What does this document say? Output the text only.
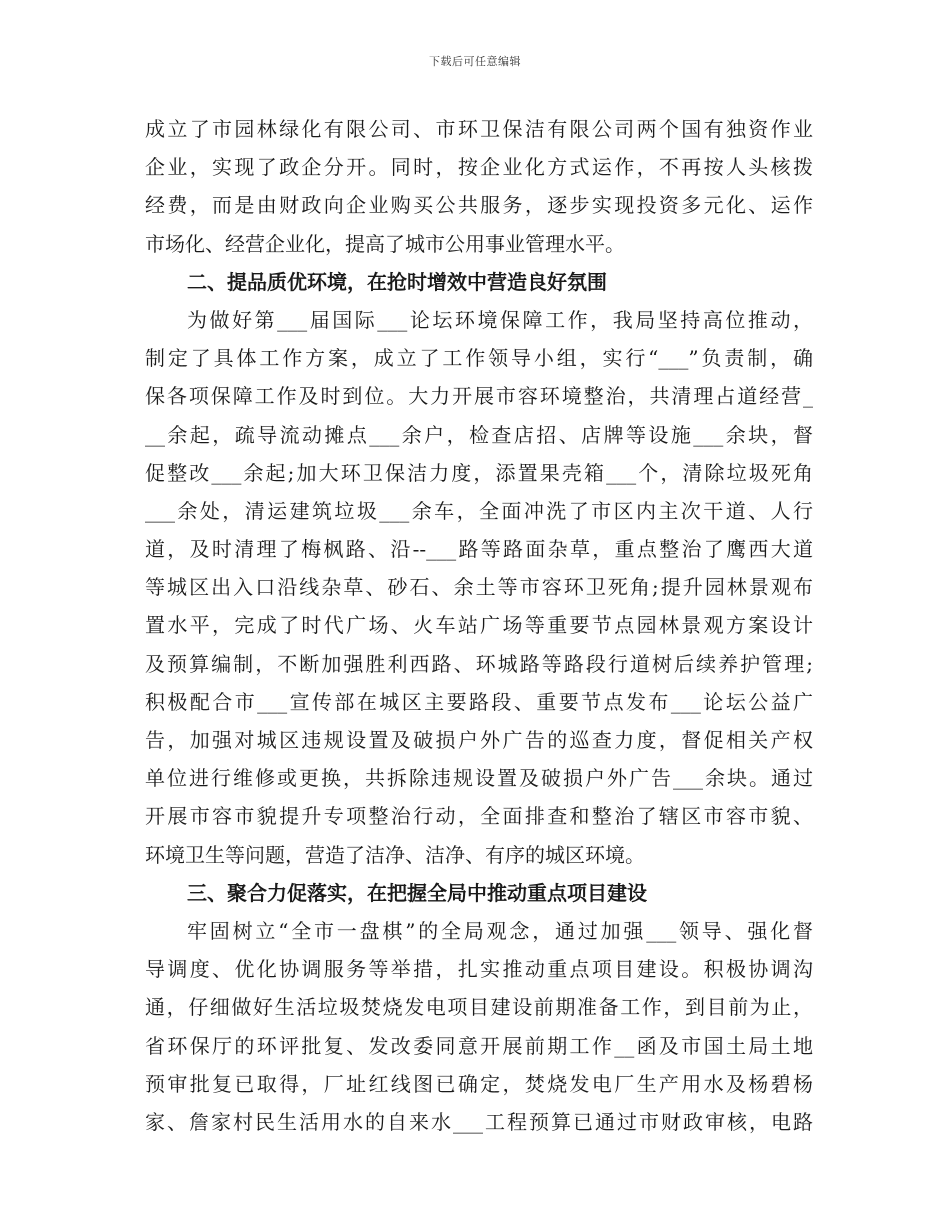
下载后可任意编辑
成立了市园林绿化有限公司、市环卫保洁有限公司两个国有独资作业
企业，实现了政企分开。同时，按企业化方式运作，不再按人头核拨
经费，而是由财政向企业购买公共服务，逐步实现投资多元化、运作
市场化、经营企业化，提高了城市公用事业管理水平。
二、提品质优环境，在抢时增效中营造良好氛围
为做好第___届国际___论坛环境保障工作，我局坚持高位推动，
制定了具体工作方案，成立了工作领导小组，实行“___”负责制，确
保各项保障工作及时到位。大力开展市容环境整治，共清理占道经营_
__余起，疏导流动摊点___余户，检查店招、店牌等设施___余块，督
促整改___余起;加大环卫保洁力度，添置果壳箱___个，清除垃圾死角
___余处，清运建筑垃圾___余车，全面冲洗了市区内主次干道、人行
道，及时清理了梅枫路、沿--___路等路面杂草，重点整治了鹰西大道
等城区出入口沿线杂草、砂石、余土等市容环卫死角;提升园林景观布
置水平，完成了时代广场、火车站广场等重要节点园林景观方案设计
及预算编制，不断加强胜利西路、环城路等路段行道树后续养护管理;
积极配合市___宣传部在城区主要路段、重要节点发布___论坛公益广
告，加强对城区违规设置及破损户外广告的巡查力度，督促相关产权
单位进行维修或更换，共拆除违规设置及破损户外广告___余块。通过
开展市容市貌提升专项整治行动，全面排查和整治了辖区市容市貌、
环境卫生等问题，营造了洁净、洁净、有序的城区环境。
三、聚合力促落实，在把握全局中推动重点项目建设
牢固树立“全市一盘棋”的全局观念，通过加强___领导、强化督
导调度、优化协调服务等举措，扎实推动重点项目建设。积极协调沟
通，仔细做好生活垃圾焚烧发电项目建设前期准备工作，到目前为止，
省环保厅的环评批复、发改委同意开展前期工作__函及市国土局土地
预审批复已取得，厂址红线图已确定，焚烧发电厂生产用水及杨碧杨
家、詹家村民生活用水的自来水___工程预算已通过市财政审核，电路
